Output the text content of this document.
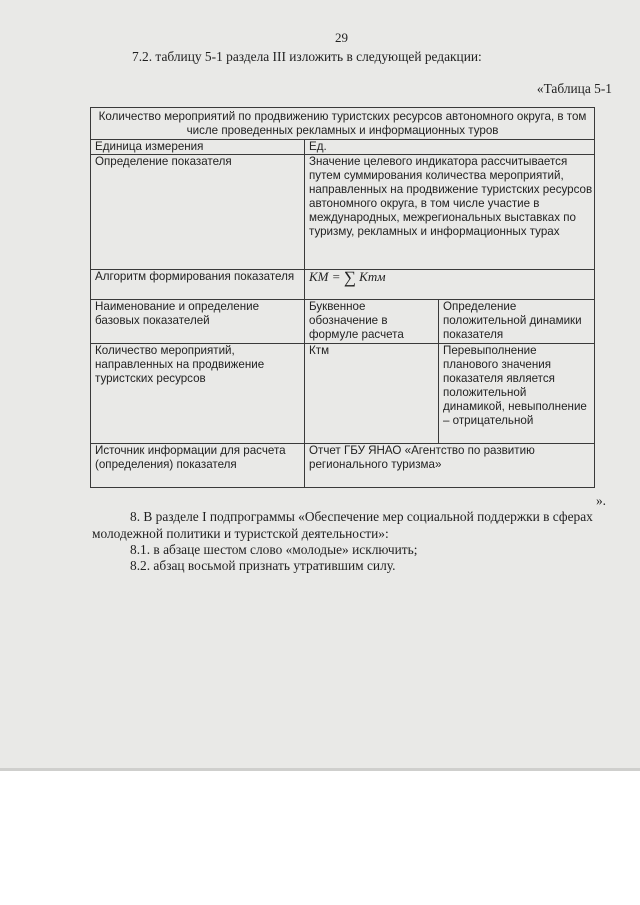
29
7.2. таблицу 5-1 раздела III изложить в следующей редакции:
«Таблица 5-1
Количество мероприятий по продвижению туристских ресурсов автономного округа, в том числе проведенных рекламных и информационных туров		
Единица измерения	Ед.	
Определение показателя	Значение целевого индикатора рассчитывается путем суммирования количества мероприятий, направленных на продвижение туристских ресурсов автономного округа, в том числе участие в международных, межрегиональных выставках по туризму, рекламных и информационных турах	

Алгоритм формирования показателя	KM = ∑ Kmм	
Наименование и определение базовых показателей	Буквенное обозначение в формуле расчета	Определение положительной динамики показателя
Количество мероприятий, направленных на продвижение туристских ресурсов	Ктм	Перевыполнение планового значения показателя является положительной динамикой, невыполнение – отрицательной
Источник информации для расчета (определения) показателя	Отчет ГБУ ЯНАО «Агентство по развитию регионального туризма»	
».
8. В разделе I подпрограммы «Обеспечение мер социальной поддержки в сферах молодежной политики и туристской деятельности»:
8.1. в абзаце шестом слово «молодые» исключить;
8.2. абзац восьмой признать утратившим силу.
